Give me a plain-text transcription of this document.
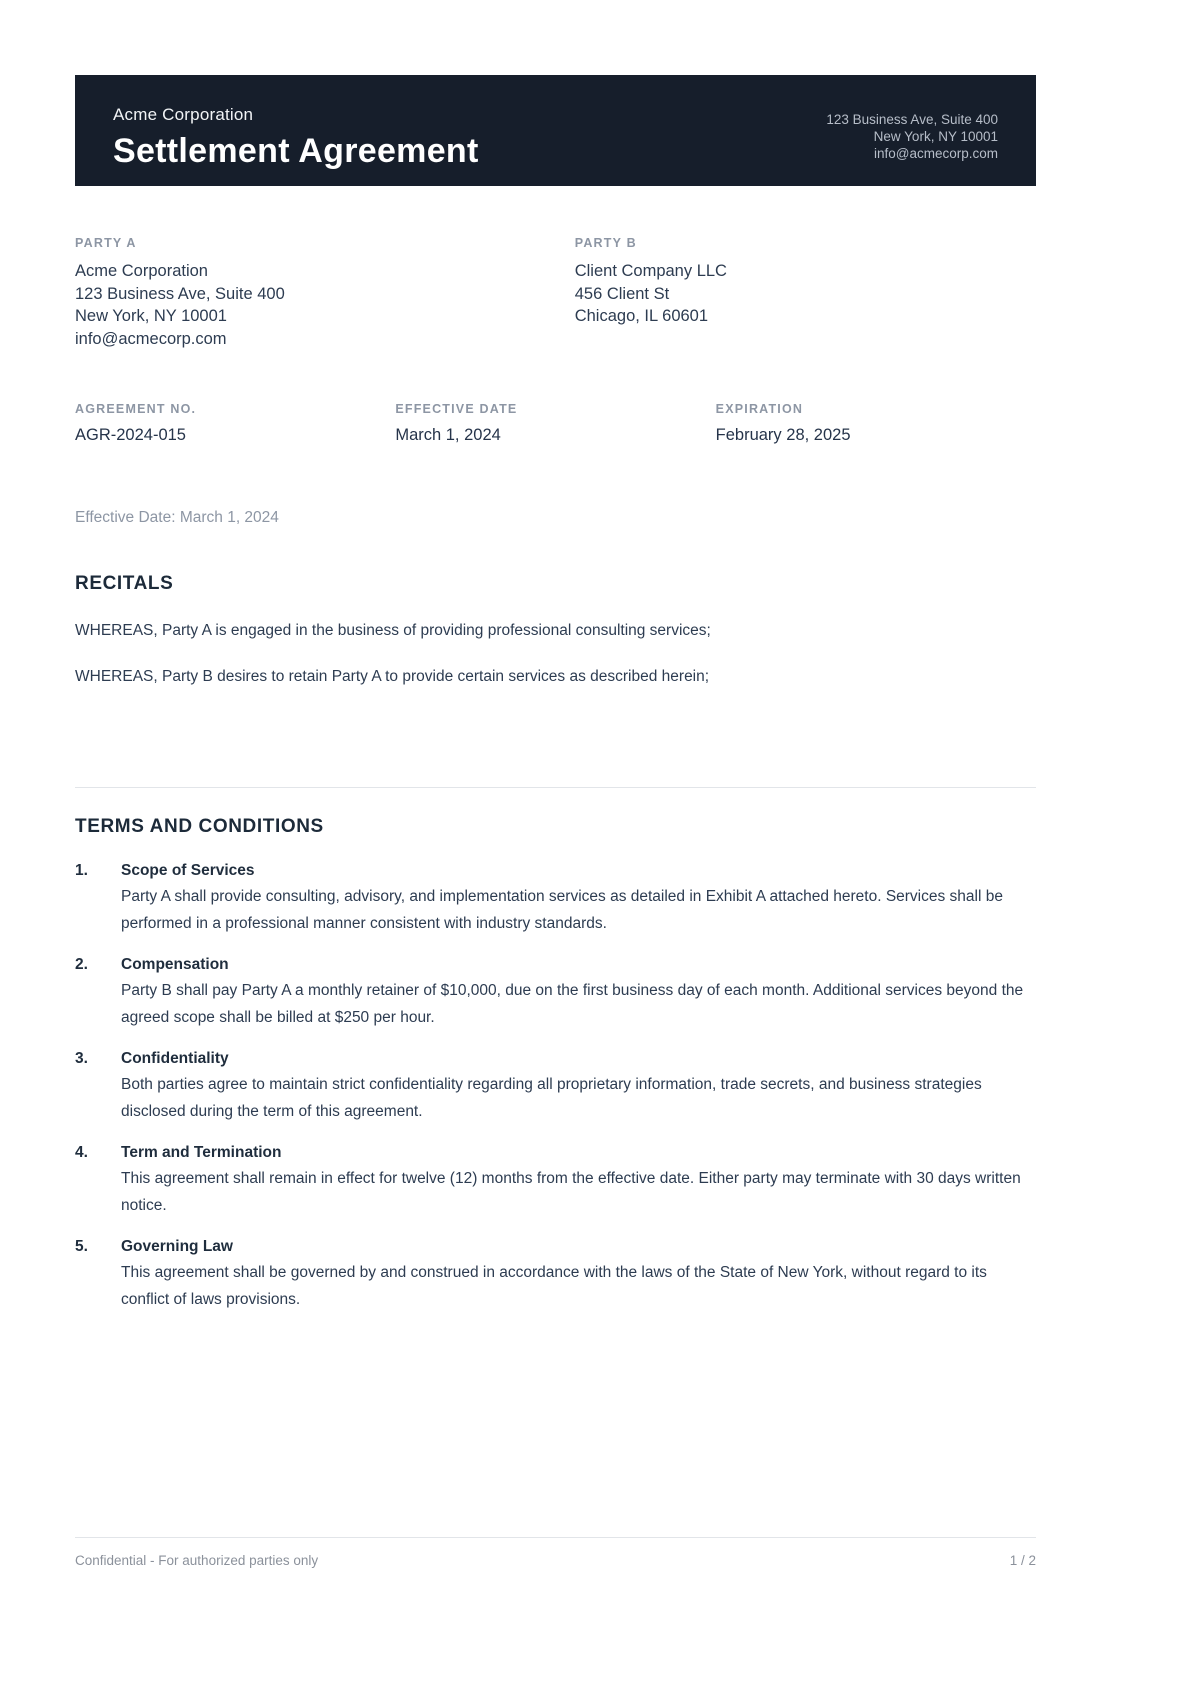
Acme Corporation
Settlement Agreement
123 Business Ave, Suite 400
New York, NY 10001
info@acmecorp.com
PARTY A
Acme Corporation
123 Business Ave, Suite 400
New York, NY 10001
info@acmecorp.com
PARTY B
Client Company LLC
456 Client St
Chicago, IL 60601
AGREEMENT NO.
AGR-2024-015
EFFECTIVE DATE
March 1, 2024
EXPIRATION
February 28, 2025
Effective Date: March 1, 2024
RECITALS
WHEREAS, Party A is engaged in the business of providing professional consulting services;
WHEREAS, Party B desires to retain Party A to provide certain services as described herein;
TERMS AND CONDITIONS
1.	Scope of Services
Party A shall provide consulting, advisory, and implementation services as detailed in Exhibit A attached hereto. Services shall be performed in a professional manner consistent with industry standards.
2.	Compensation
Party B shall pay Party A a monthly retainer of $10,000, due on the first business day of each month. Additional services beyond the agreed scope shall be billed at $250 per hour.
3.	Confidentiality
Both parties agree to maintain strict confidentiality regarding all proprietary information, trade secrets, and business strategies disclosed during the term of this agreement.
4.	Term and Termination
This agreement shall remain in effect for twelve (12) months from the effective date. Either party may terminate with 30 days written notice.
5.	Governing Law
This agreement shall be governed by and construed in accordance with the laws of the State of New York, without regard to its conflict of laws provisions.
Confidential - For authorized parties only	1 / 2
